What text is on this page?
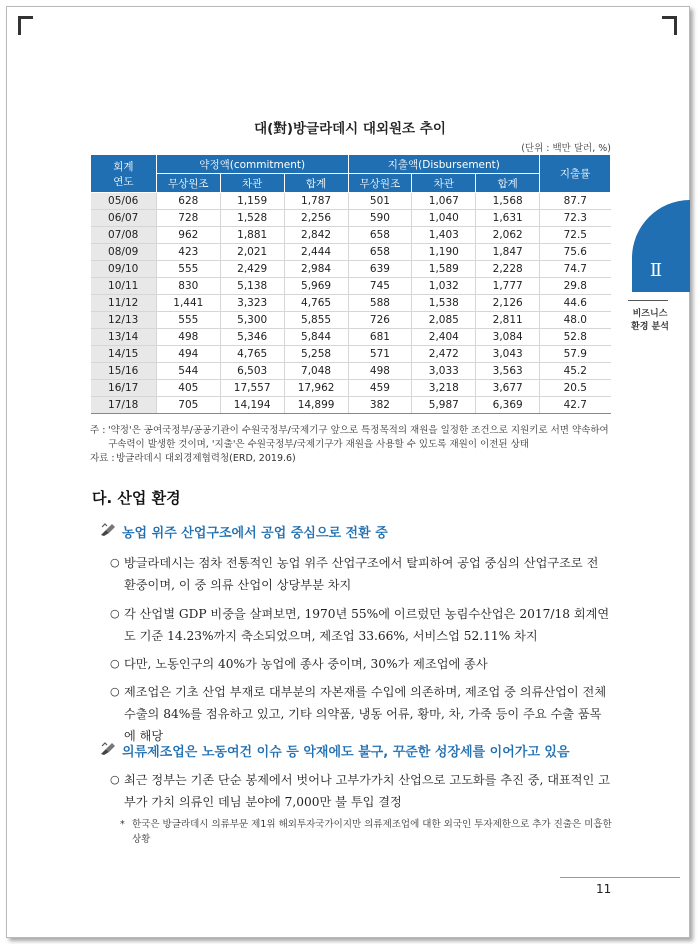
Ⅱ
비즈니스
환경 분석
대(對)방글라데시 대외원조 추이
(단위 : 백만 달러, %)
회계
연도	약정액(commitment)			지출액(Disbursement)			지출률
	무상원조	차관	합계	무상원조	차관	합계	
05/06	628	1,159	1,787	501	1,067	1,568	87.7
06/07	728	1,528	2,256	590	1,040	1,631	72.3
07/08	962	1,881	2,842	658	1,403	2,062	72.5
08/09	423	2,021	2,444	658	1,190	1,847	75.6
09/10	555	2,429	2,984	639	1,589	2,228	74.7
10/11	830	5,138	5,969	745	1,032	1,777	29.8
11/12	1,441	3,323	4,765	588	1,538	2,126	44.6
12/13	555	5,300	5,855	726	2,085	2,811	48.0
13/14	498	5,346	5,844	681	2,404	3,084	52.8
14/15	494	4,765	5,258	571	2,472	3,043	57.9
15/16	544	6,503	7,048	498	3,033	3,563	45.2
16/17	405	17,557	17,962	459	3,218	3,677	20.5
17/18	705	14,194	14,899	382	5,987	6,369	42.7
주 : '약정'은 공여국정부/공공기관이 수원국정부/국제기구 앞으로 특정목적의 재원을 일정한 조건으로 지원키로 서면 약속하여 구속력이 발생한 것이며, '지출'은 수원국정부/국제기구가 재원을 사용할 수 있도록 재원이 이전된 상태
자료 : 방글라데시 대외경제협력청(ERD, 2019.6)
다. 산업 환경
농업 위주 산업구조에서 공업 중심으로 전환 중
○ 방글라데시는 점차 전통적인 농업 위주 산업구조에서 탈피하여 공업 중심의 산업구조로 전환중이며, 이 중 의류 산업이 상당부분 차지
○ 각 산업별 GDP 비중을 살펴보면, 1970년 55%에 이르렀던 농림수산업은 2017/18 회계연도 기준 14.23%까지 축소되었으며, 제조업 33.66%, 서비스업 52.11% 차지
○ 다만, 노동인구의 40%가 농업에 종사 중이며, 30%가 제조업에 종사
○ 제조업은 기초 산업 부재로 대부분의 자본재를 수입에 의존하며, 제조업 중 의류산업이 전체 수출의 84%를 점유하고 있고, 기타 의약품, 냉동 어류, 황마, 차, 가죽 등이 주요 수출 품목에 해당
의류제조업은 노동여건 이슈 등 악재에도 불구, 꾸준한 성장세를 이어가고 있음
○ 최근 정부는 기존 단순 봉제에서 벗어나 고부가가치 산업으로 고도화를 추진 중, 대표적인 고부가 가치 의류인 데님 분야에 7,000만 불 투입 결정
* 한국은 방글라데시 의류부문 제1위 해외투자국가이지만 의류제조업에 대한 외국인 투자제한으로 추가 진출은 미흡한 상황
11
